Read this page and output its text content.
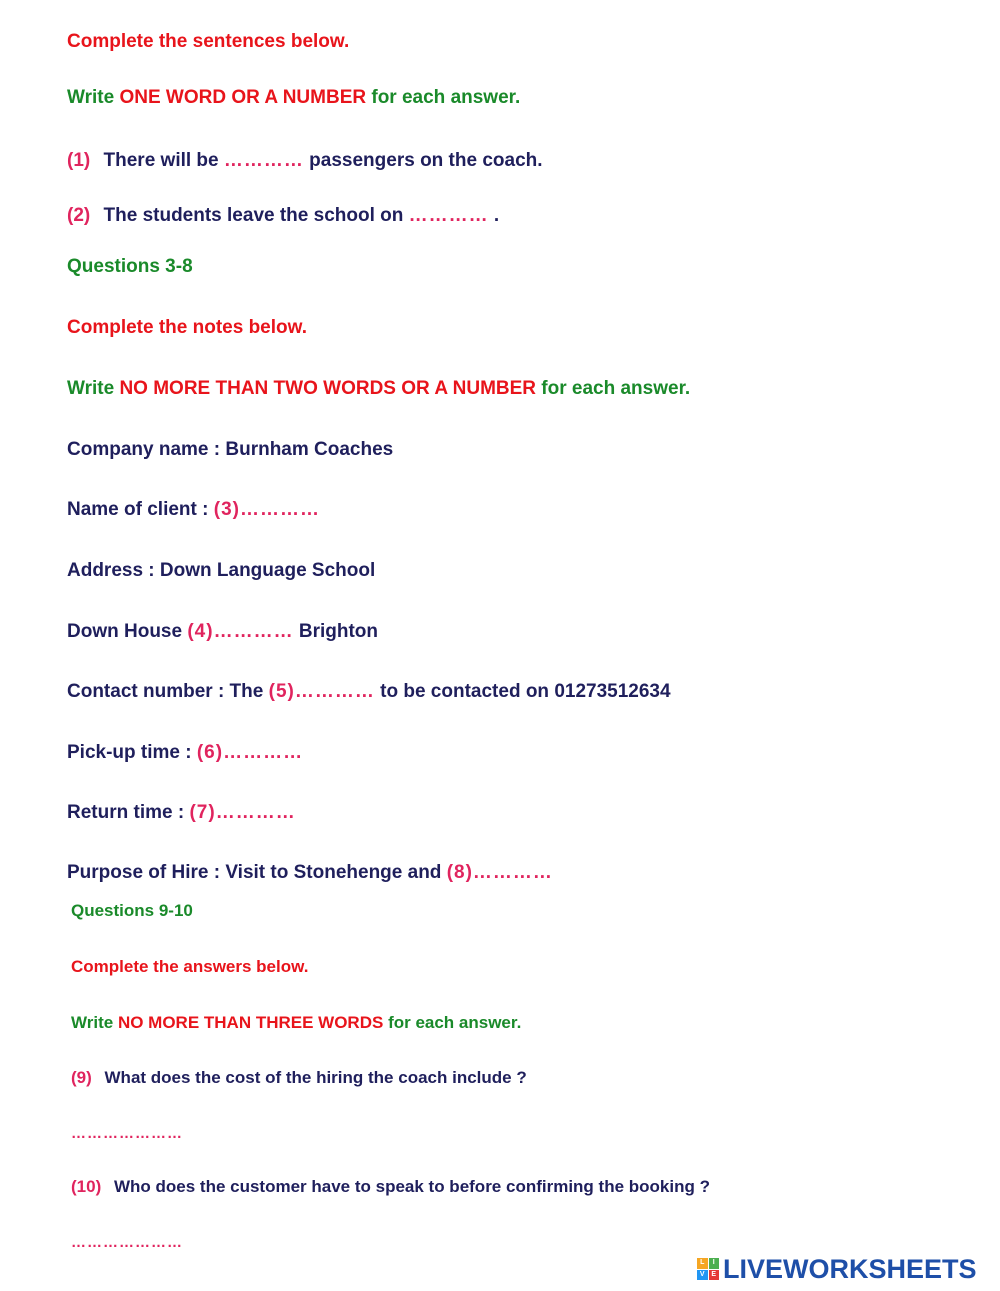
Complete the sentences below.
Write ONE WORD OR A NUMBER for each answer.
(1) There will be ………… passengers on the coach.
(2) The students leave the school on ………… .
Questions 3-8
Complete the notes below.
Write NO MORE THAN TWO WORDS OR A NUMBER for each answer.
Company name : Burnham Coaches
Name of client : (3)…………
Address : Down Language School
Down House (4)………… Brighton
Contact number : The (5)………… to be contacted on 01273512634
Pick-up time : (6)…………
Return time : (7)…………
Purpose of Hire : Visit to Stonehenge and (8)…………
Questions 9-10
Complete the answers below.
Write NO MORE THAN THREE WORDS for each answer.
(9) What does the cost of the hiring the coach include ?
…………………
(10) Who does the customer have to speak to before confirming the booking ?
…………………
L	I
V E LIVEWORKSHEETS
